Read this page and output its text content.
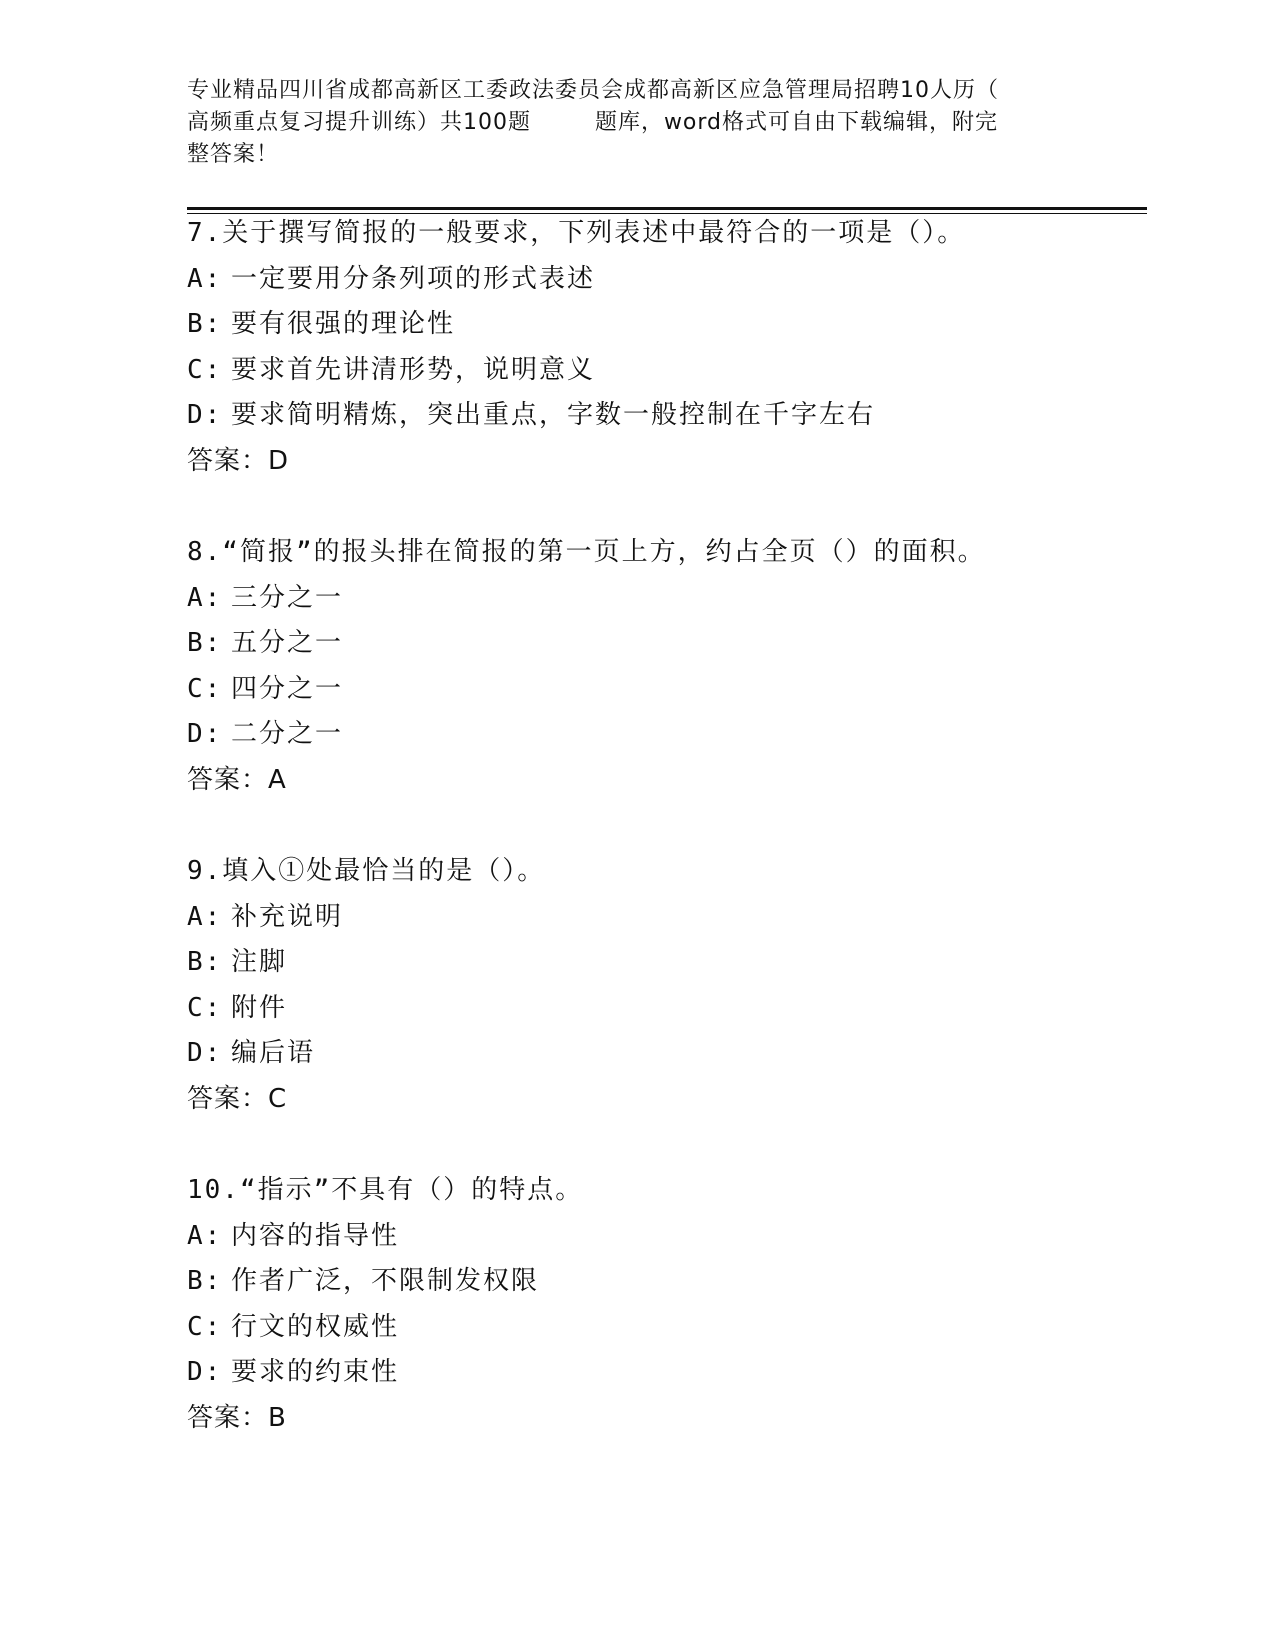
专业精品四川省成都高新区工委政法委员会成都高新区应急管理局招聘10人历（
高频重点复习提升训练）共100题        题库，word格式可自由下载编辑，附完
整答案！
7.关于撰写简报的一般要求，下列表述中最符合的一项是（）。
A: 一定要用分条列项的形式表述
B: 要有很强的理论性
C: 要求首先讲清形势，说明意义
D: 要求简明精炼，突出重点，字数一般控制在千字左右
答案：D
8.“简报”的报头排在简报的第一页上方，约占全页（）的面积。
A: 三分之一
B: 五分之一
C: 四分之一
D: 二分之一
答案：A
9.填入①处最恰当的是（）。
A: 补充说明
B: 注脚
C: 附件
D: 编后语
答案：C
10.“指示”不具有（）的特点。
A: 内容的指导性
B: 作者广泛，不限制发权限
C: 行文的权威性
D: 要求的约束性
答案：B
